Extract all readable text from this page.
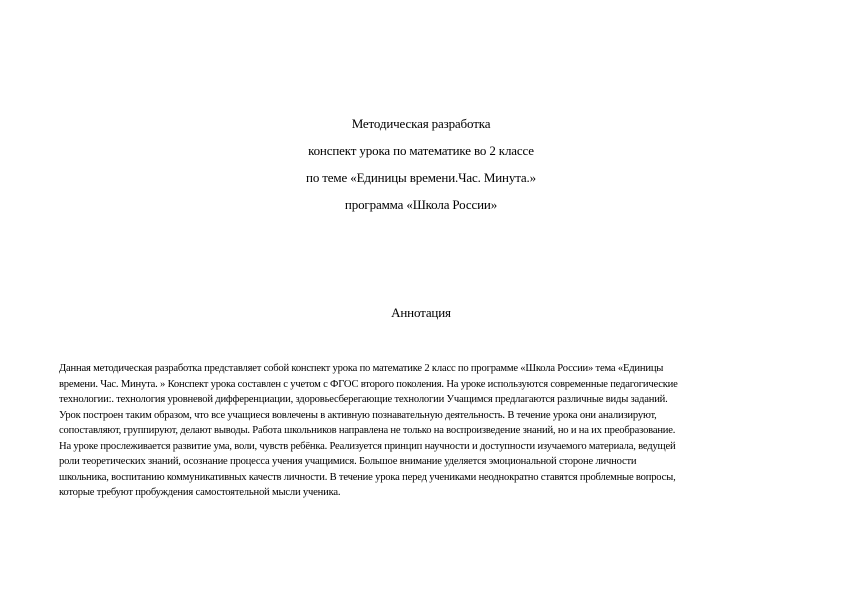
Методическая разработка
конспект урока по математике во 2 классе
по теме «Единицы времени.Час. Минута.»
программа «Школа России»
Аннотация
Данная методическая разработка представляет собой конспект урока по математике 2 класс по программе «Школа России» тема «Единицы
времени. Час. Минута. » Конспект урока составлен с учетом с ФГОС второго поколения. На уроке используются современные педагогические
технологии:. технология уровневой дифференциации, здоровьесберегающие технологии Учащимся предлагаются различные виды заданий.
Урок построен таким образом, что все учащиеся вовлечены в активную познавательную деятельность. В течение урока они анализируют,
сопоставляют, группируют, делают выводы. Работа школьников направлена не только на воспроизведение знаний, но и на их преобразование.
На уроке прослеживается развитие ума, воли, чувств ребёнка. Реализуется принцип научности и доступности изучаемого материала, ведущей
роли теоретических знаний, осознание процесса учения учащимися. Большое внимание уделяется эмоциональной стороне личности
школьника, воспитанию коммуникативных качеств личности. В течение урока перед учениками неоднократно ставятся проблемные вопросы,
которые требуют пробуждения самостоятельной мысли ученика.
